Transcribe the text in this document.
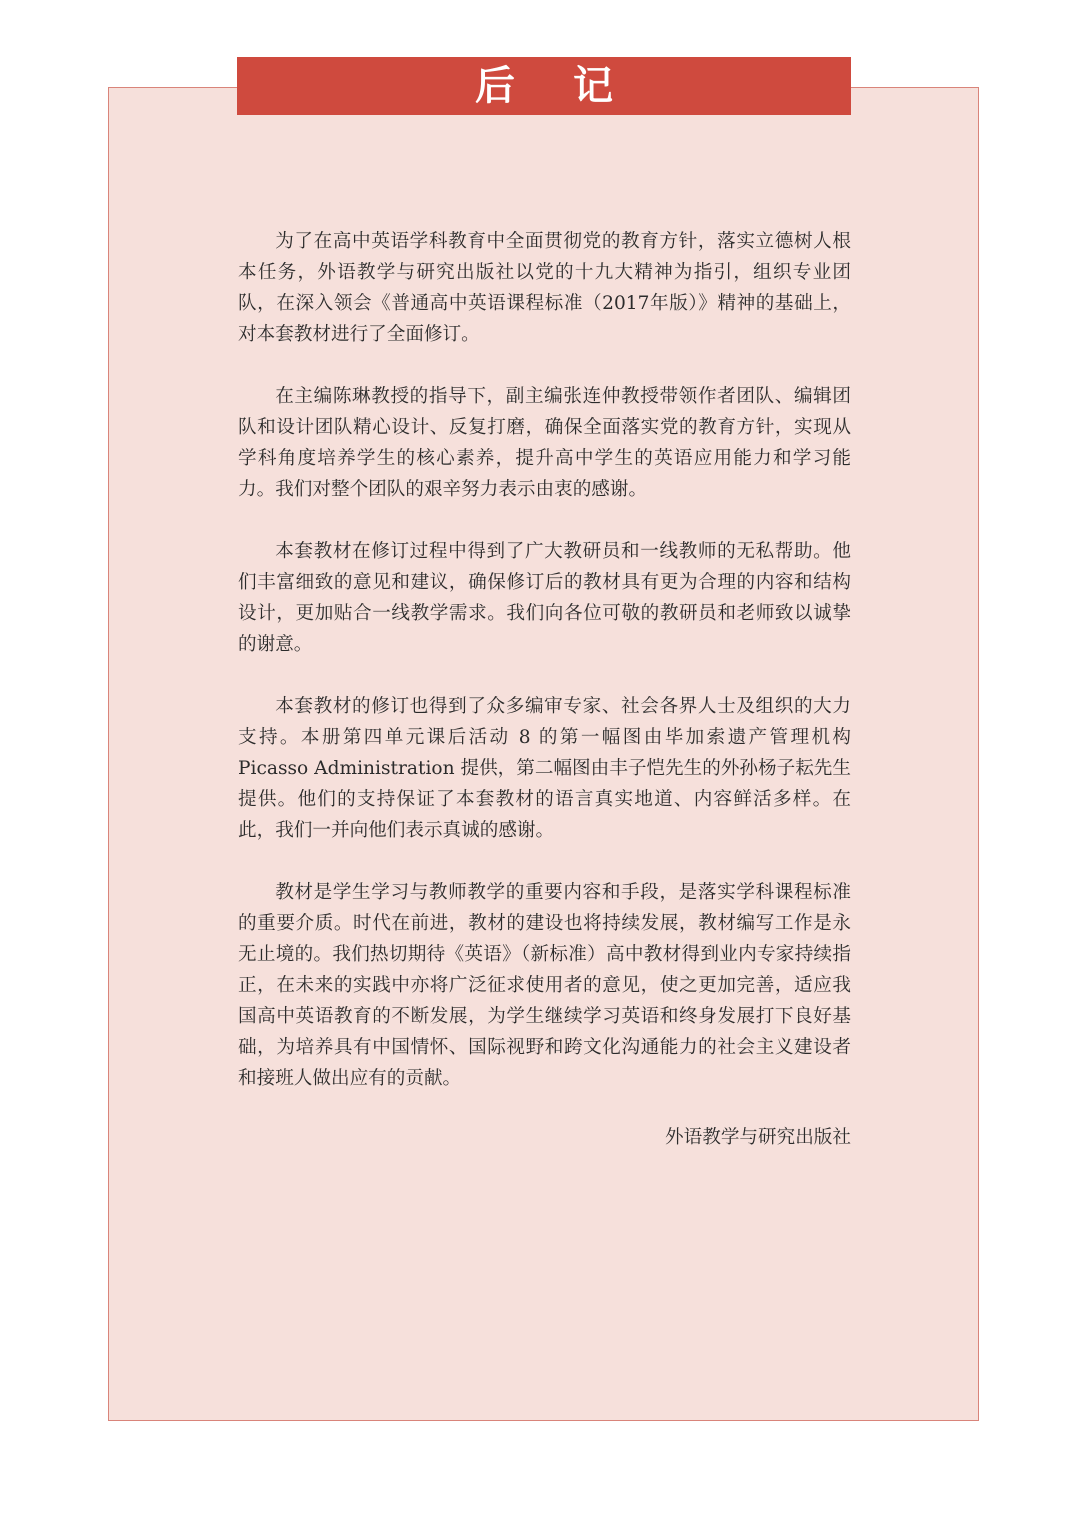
后 记

为了在高中英语学科教育中全面贯彻党的教育方针，落实立德树人根本任务，外语教学与研究出版社以党的十九大精神为指引，组织专业团队，在深入领会《普通高中英语课程标准（2017年版）》精神的基础上，对本套教材进行了全面修订。

在主编陈琳教授的指导下，副主编张连仲教授带领作者团队、编辑团队和设计团队精心设计、反复打磨，确保全面落实党的教育方针，实现从学科角度培养学生的核心素养，提升高中学生的英语应用能力和学习能力。我们对整个团队的艰辛努力表示由衷的感谢。

本套教材在修订过程中得到了广大教研员和一线教师的无私帮助。他们丰富细致的意见和建议，确保修订后的教材具有更为合理的内容和结构设计，更加贴合一线教学需求。我们向各位可敬的教研员和老师致以诚挚的谢意。

本套教材的修订也得到了众多编审专家、社会各界人士及组织的大力支持。本册第四单元课后活动 8 的第一幅图由毕加索遗产管理机构 Picasso Administration 提供，第二幅图由丰子恺先生的外孙杨子耘先生提供。他们的支持保证了本套教材的语言真实地道、内容鲜活多样。在此，我们一并向他们表示真诚的感谢。

教材是学生学习与教师教学的重要内容和手段，是落实学科课程标准的重要介质。时代在前进，教材的建设也将持续发展，教材编写工作是永无止境的。我们热切期待《英语》（新标准）高中教材得到业内专家持续指正，在未来的实践中亦将广泛征求使用者的意见，使之更加完善，适应我国高中英语教育的不断发展，为学生继续学习英语和终身发展打下良好基础，为培养具有中国情怀、国际视野和跨文化沟通能力的社会主义建设者和接班人做出应有的贡献。

外语教学与研究出版社
